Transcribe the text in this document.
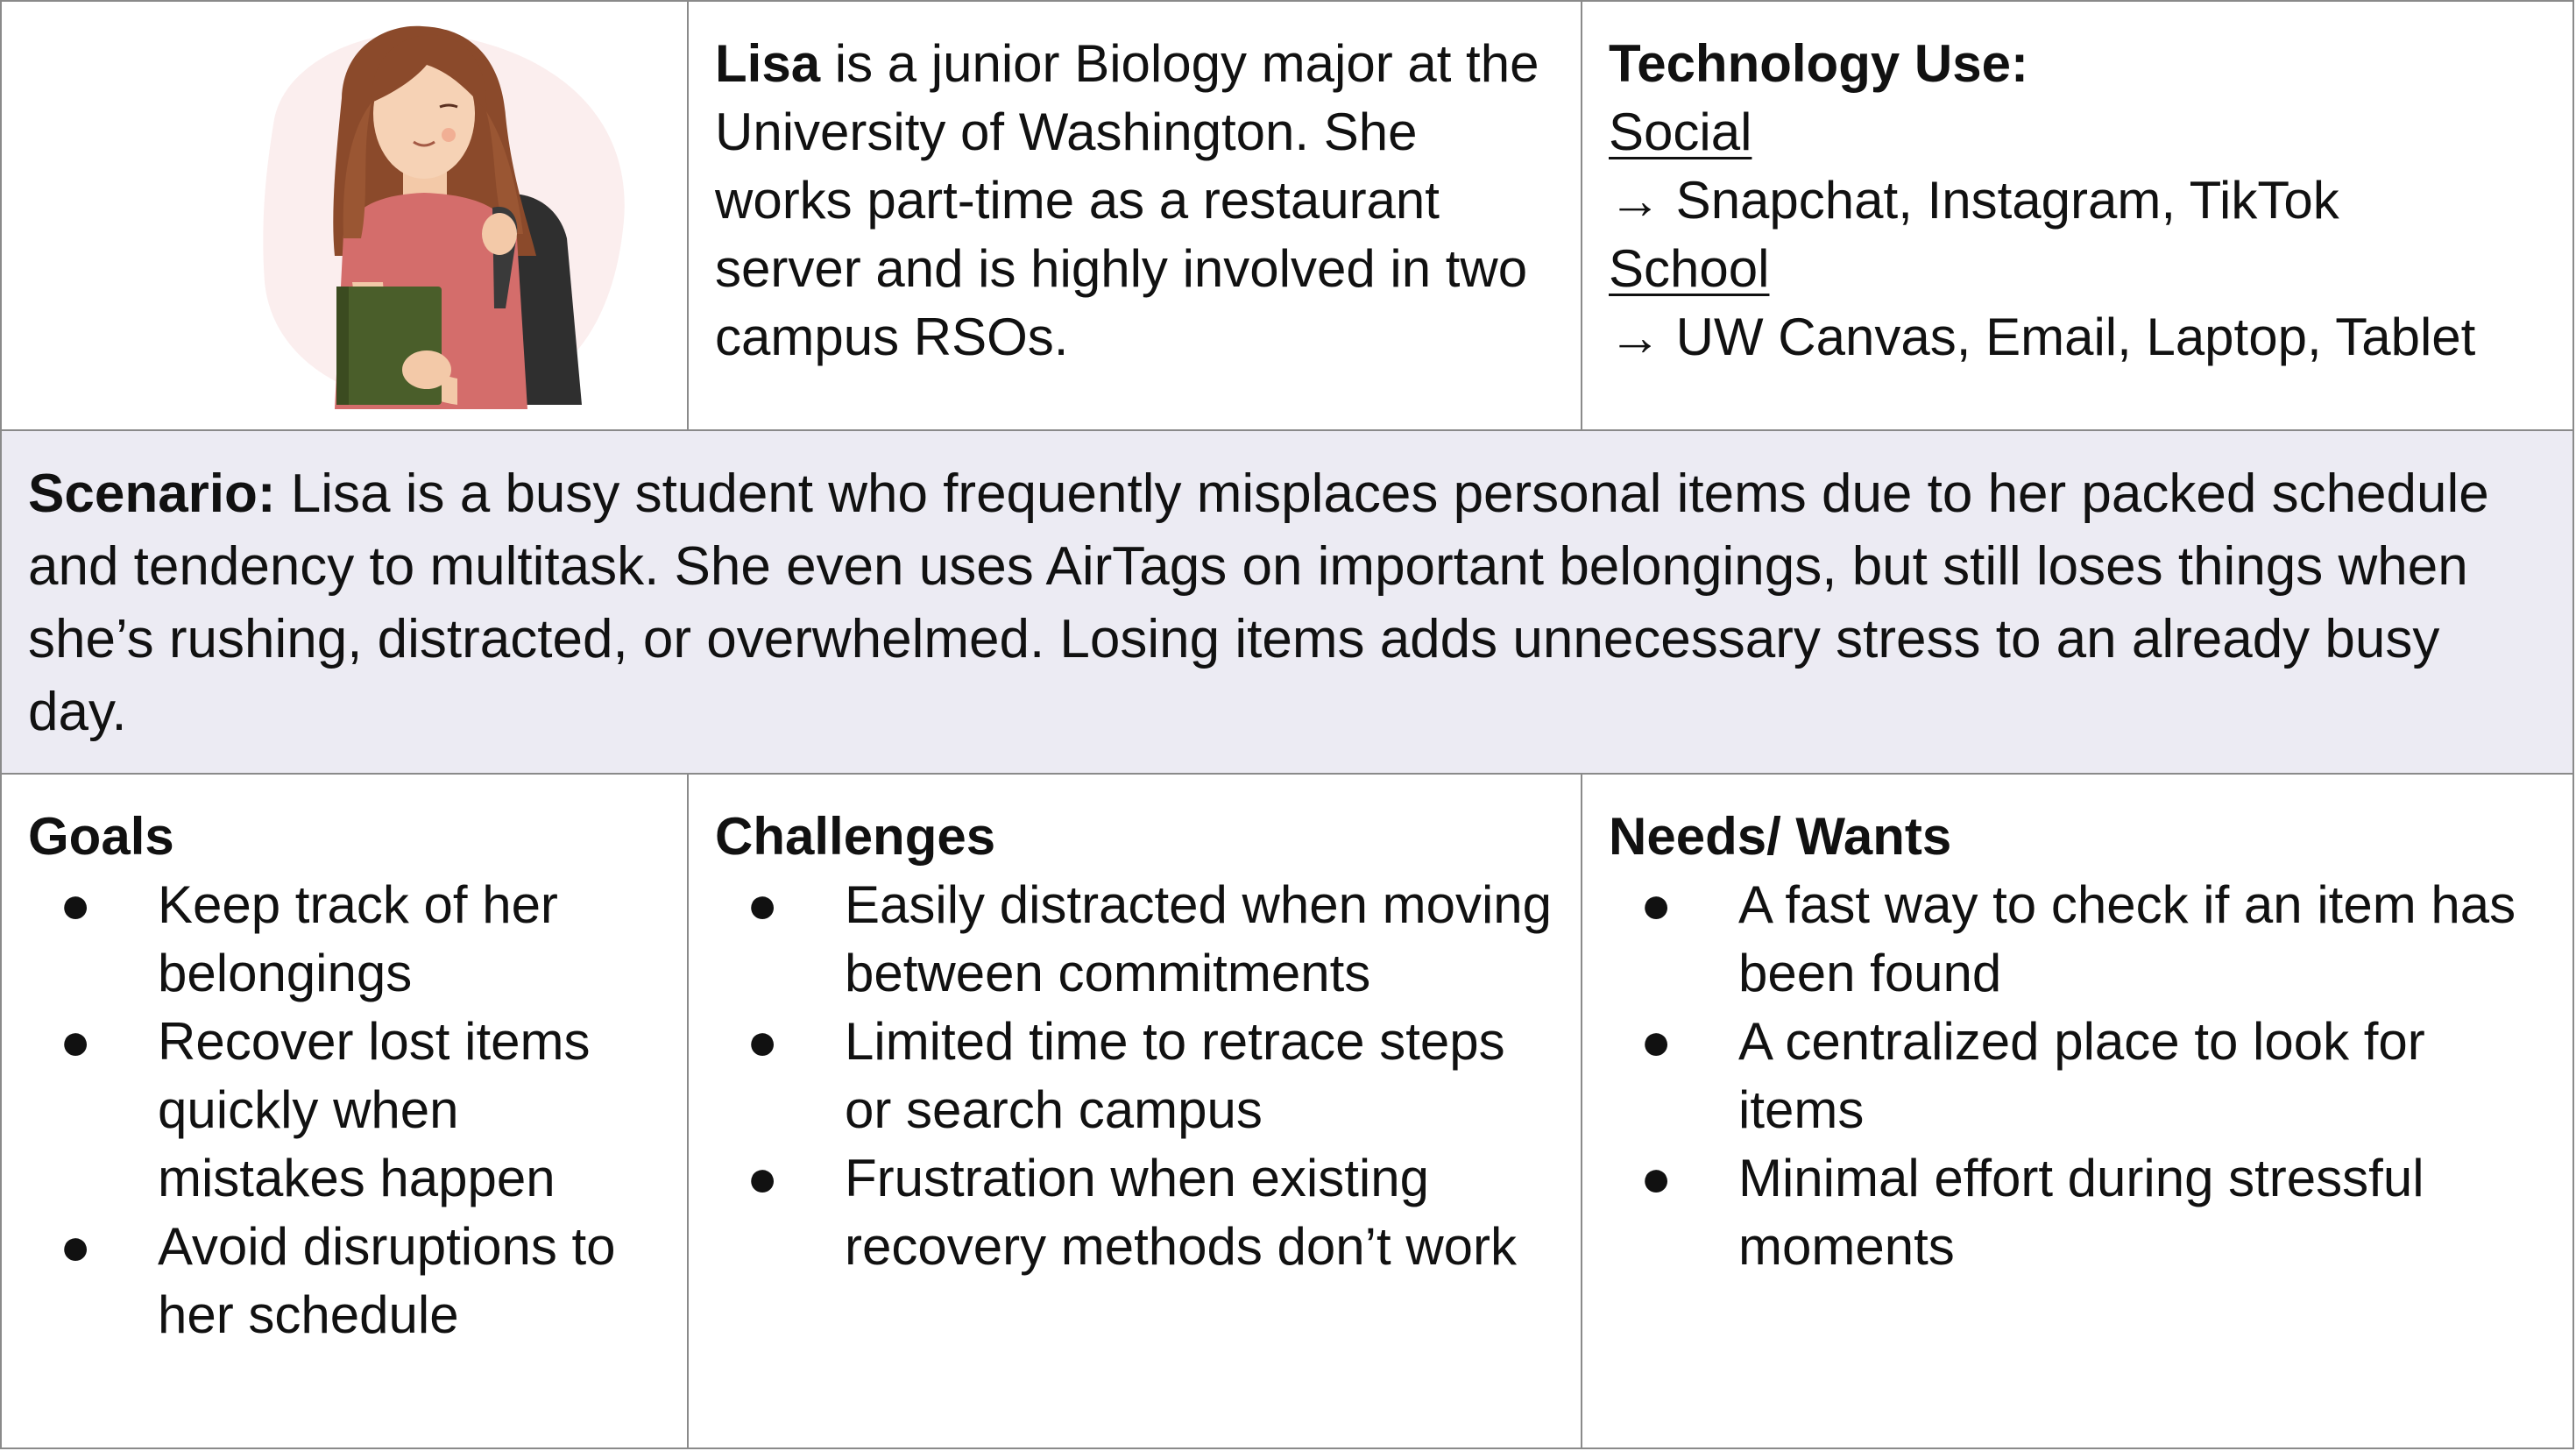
Lisa is a junior Biology major at the University of Washington. She works part-time as a restaurant server and is highly involved in two campus RSOs.
Technology Use:
Social
→ Snapchat, Instagram, TikTok
School
→ UW Canvas, Email, Laptop, Tablet
Scenario: Lisa is a busy student who frequently misplaces personal items due to her packed schedule and tendency to multitask. She even uses AirTags on important belongings, but still loses things when she’s rushing, distracted, or overwhelmed. Losing items adds unnecessary stress to an already busy day.
Goals
● Keep track of her belongings
● Recover lost items quickly when mistakes happen
● Avoid disruptions to her schedule
Challenges
● Easily distracted when moving between commitments
● Limited time to retrace steps or search campus
● Frustration when existing recovery methods don’t work
Needs/ Wants
● A fast way to check if an item has been found
● A centralized place to look for items
● Minimal effort during stressful moments
